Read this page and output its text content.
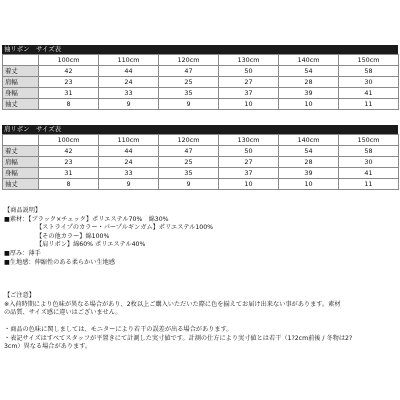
袖リボン　サイズ表
	100cm	110cm	120cm	130cm	140cm	150cm
着丈	42	44	47	50	54	58
肩幅	23	24	25	27	28	30
身幅	31	33	35	37	39	41
袖丈	8	9	9	10	10	11
肩リボン　サイズ表
	100cm	110cm	120cm	130cm	140cm	150cm
着丈	42	44	47	50	54	58
肩幅	23	24	25	27	28	30
身幅	31	33	35	37	39	41
袖丈	8	9	9	10	10	11
【商品説明】
■素材：【ブラック×チェック】ポリエステル70%　綿30%
【ストライプのカラー・パープルギンガム】ポリエステル100%
【その他カラー】綿100%
【肩リボン】綿60% ポリエステル40%
■厚み：薄手
■生地感：伸縮性のある柔らかい生地感
【ご注意】
※入荷時期により色味が異なる場合があり、2枚以上ご購入いただいた際に色を揃えてお届け出来ない事があります。素材
の品質、サイズ感に違いはございません。
・商品の色味に関しましては、モニターにより若干の誤差が出る場合があります。
・表記サイズはすべてスタッフが平置きにて計測した実寸値です。計測の仕方により実寸値とは若干（1?2cm前後 / 冬物は2?
3cm）異なる場合があります。
